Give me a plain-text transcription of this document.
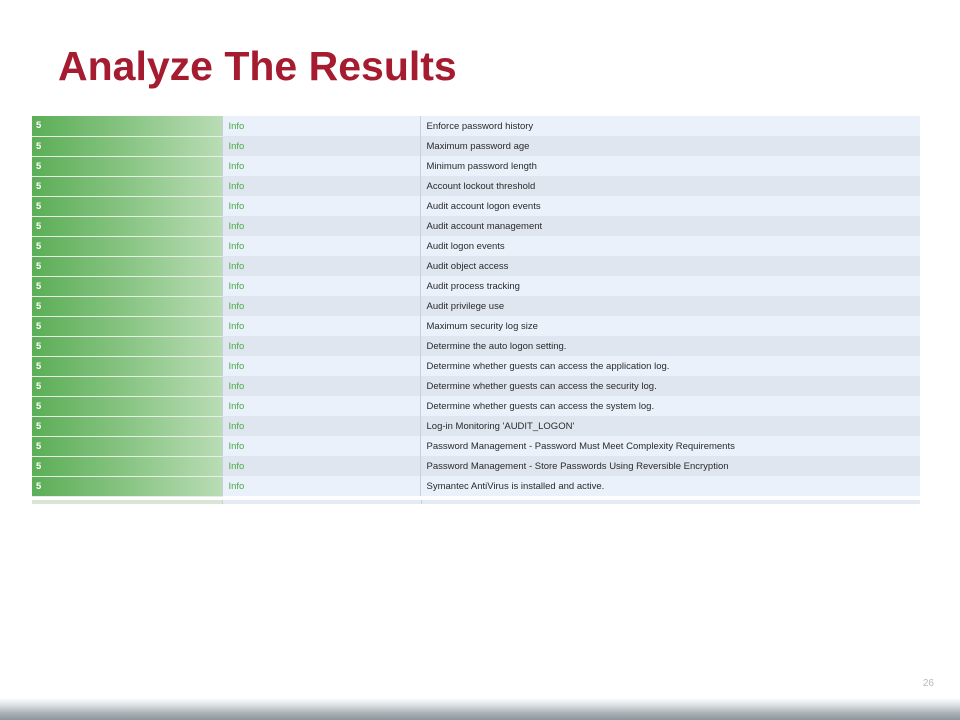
Analyze The Results
5	Info	Enforce password history
5	Info	Maximum password age
5	Info	Minimum password length
5	Info	Account lockout threshold
5	Info	Audit account logon events
5	Info	Audit account management
5	Info	Audit logon events
5	Info	Audit object access
5	Info	Audit process tracking
5	Info	Audit privilege use
5	Info	Maximum security log size
5	Info	Determine the auto logon setting.
5	Info	Determine whether guests can access the application log.
5	Info	Determine whether guests can access the security log.
5	Info	Determine whether guests can access the system log.
5	Info	Log-in Monitoring 'AUDIT_LOGON'
5	Info	Password Management - Password Must Meet Complexity Requirements
5	Info	Password Management - Store Passwords Using Reversible Encryption
5	Info	Symantec AntiVirus is installed and active.
26
